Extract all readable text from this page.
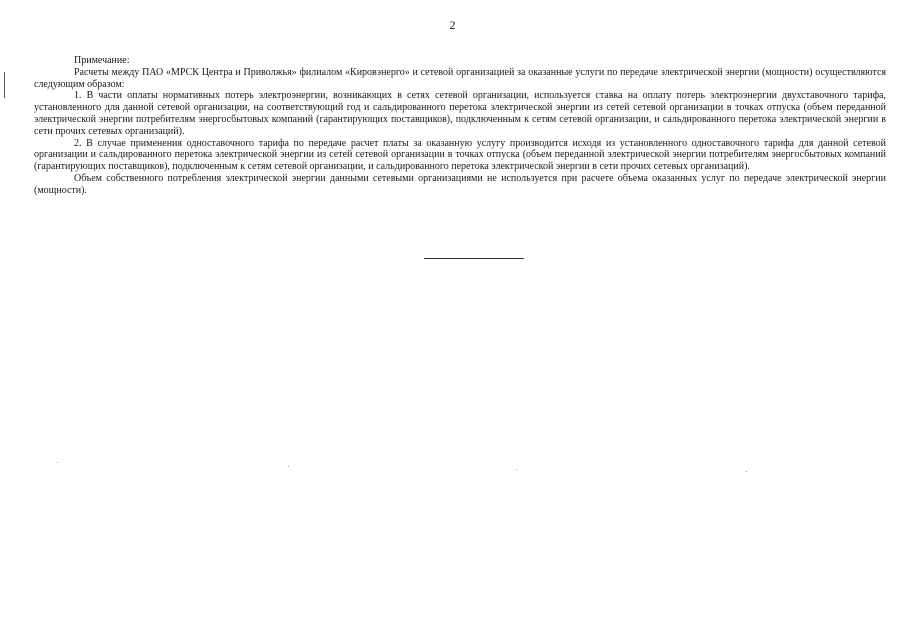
2

Примечание:

Расчеты между ПАО «МРСК Центра и Приволжья» филиалом «Кировэнерго» и сетевой организацией за оказанные услуги по передаче электрической энергии (мощности) осуществляются следующим образом:

1. В части оплаты нормативных потерь электроэнергии, возникающих в сетях сетевой организации, используется ставка на оплату потерь электроэнергии двухставочного тарифа, установленного для данной сетевой организации, на соответствующий год и сальдированного перетока электрической энергии из сетей сетевой организации в точках отпуска (объем переданной электрической энергии потребителям энергосбытовых компаний (гарантирующих поставщиков), подключенным к сетям сетевой организации, и сальдированного перетока электрической энергии в сети прочих сетевых организаций).

2. В случае применения одноставочного тарифа по передаче расчет платы за оказанную услугу производится исходя из установленного одноставочного тарифа для данной сетевой организации и сальдированного перетока электрической энергии из сетей сетевой организации в точках отпуска (объем переданной электрической энергии потребителям энергосбытовых компаний (гарантирующих поставщиков), подключенным к сетям сетевой организации, и сальдированного перетока электрической энергии в сети прочих сетевых организаций).

Объем собственного потребления электрической энергии данными сетевыми организациями не используется при расчете объема оказанных услуг по передаче электрической энергии (мощности).
